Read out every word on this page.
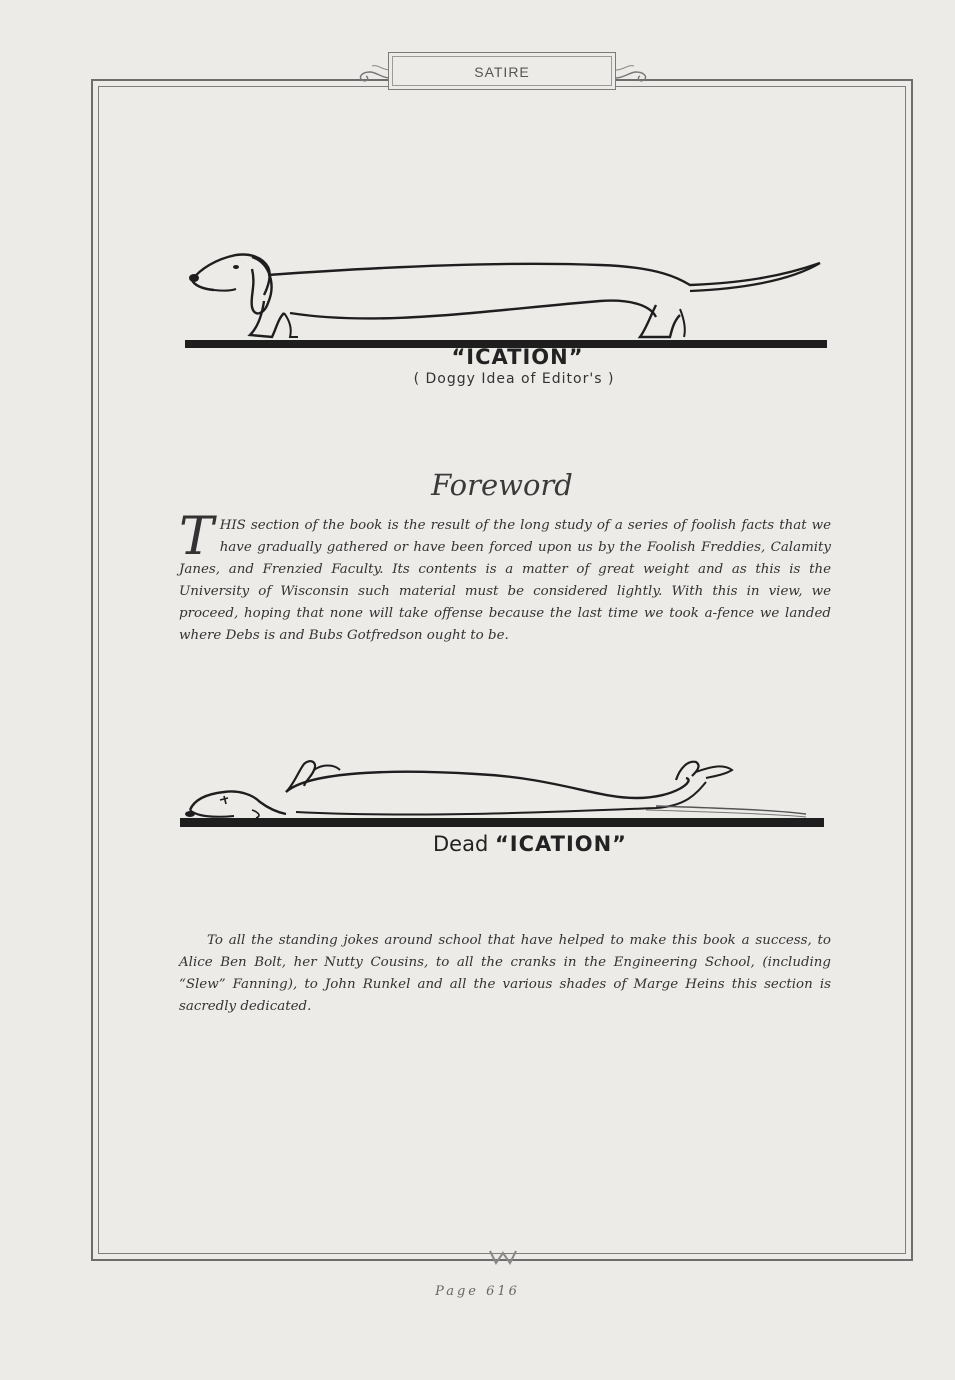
SATIRE
“ICATION”
( Doggy Idea of Editor's )
Foreword
THIS section of the book is the result of the long study of a series of foolish facts that we have gradually gathered or have been forced upon us by the Foolish Freddies, Calamity Janes, and Frenzied Faculty. Its contents is a matter of great weight and as this is the University of Wisconsin such material must be considered lightly. With this in view, we proceed, hoping that none will take offense because the last time we took a-fence we landed where Debs is and Bubs Gotfredson ought to be.
Dead “ICATION”
To all the standing jokes around school that have helped to make this book a success, to Alice Ben Bolt, her Nutty Cousins, to all the cranks in the Engineering School, (including “Slew” Fanning), to John Runkel and all the various shades of Marge Heins this section is sacredly dedicated.
Page 616
